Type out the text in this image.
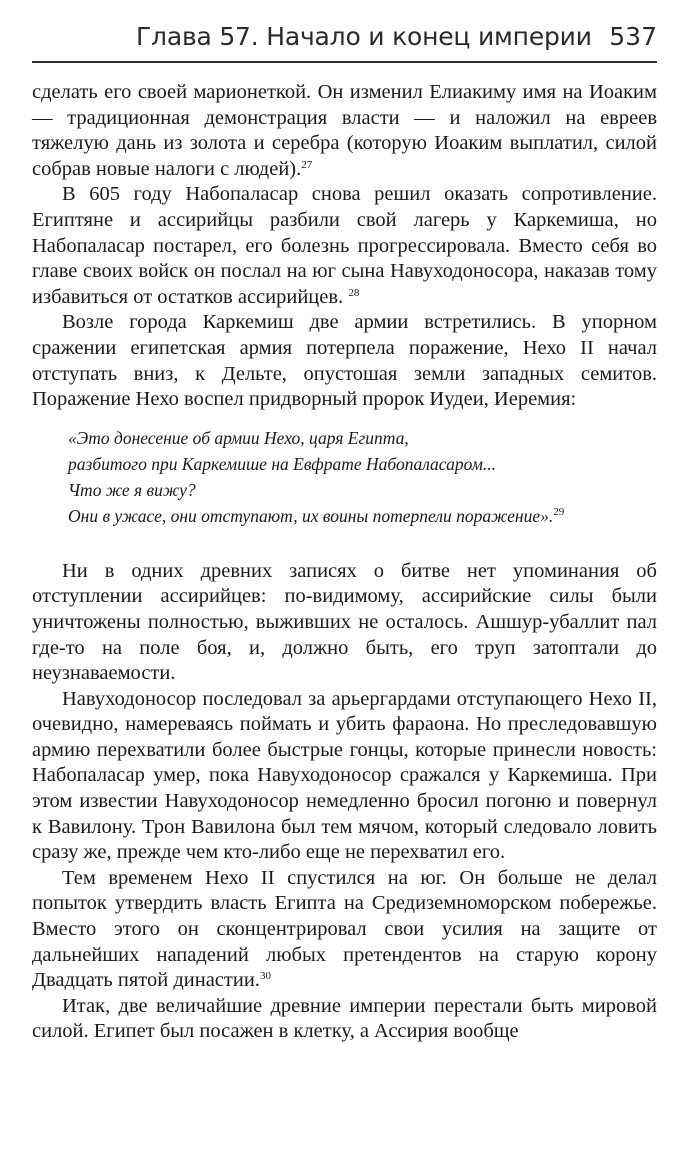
Глава 57. Начало и конец империи 537

сделать его своей марионеткой. Он изменил Елиакиму имя на Иоаким — традиционная демонстрация власти — и наложил на евреев тяжелую дань из золота и серебра (которую Иоаким выплатил, силой собрав новые налоги с людей).$^{27}$

В 605 году Набопаласар снова решил оказать сопротивление. Египтяне и ассирийцы разбили свой лагерь у Каркемиша, но Набопаласар постарел, его болезнь прогрессировала. Вместо себя во главе своих войск он послал на юг сына Навуходоносора, наказав тому избавиться от остатков ассирийцев. $^{28}$

Возле города Каркемиш две армии встретились. В упорном сражении египетская армия потерпела поражение, Нехо II начал отступать вниз, к Дельте, опустошая земли западных семитов. Поражение Нехо воспел придворный пророк Иудеи, Иеремия:

«Это донесение об армии Нехо, царя Египта,
разбитого при Каркемише на Евфрате Набопаласаром...
Что же я вижу?
Они в ужасе, они отступают, их воины потерпели поражение».$^{29}$

Ни в одних древних записях о битве нет упоминания об отступлении ассирийцев: по-видимому, ассирийские силы были уничтожены полностью, выживших не осталось. Ашшур-убаллит пал где-то на поле боя, и, должно быть, его труп затоптали до неузнаваемости.

Навуходоносор последовал за арьергардами отступающего Нехо II, очевидно, намереваясь поймать и убить фараона. Но преследовавшую армию перехватили более быстрые гонцы, которые принесли новость: Набопаласар умер, пока Навуходоносор сражался у Каркемиша. При этом известии Навуходоносор немедленно бросил погоню и повернул к Вавилону. Трон Вавилона был тем мячом, который следовало ловить сразу же, прежде чем кто-либо еще не перехватил его.

Тем временем Нехо II спустился на юг. Он больше не делал попыток утвердить власть Египта на Средиземноморском побережье. Вместо этого он сконцентрировал свои усилия на защите от дальнейших нападений любых претендентов на старую корону Двадцать пятой династии.$^{30}$

Итак, две величайшие древние империи перестали быть мировой силой. Египет был посажен в клетку, а Ассирия вообще
